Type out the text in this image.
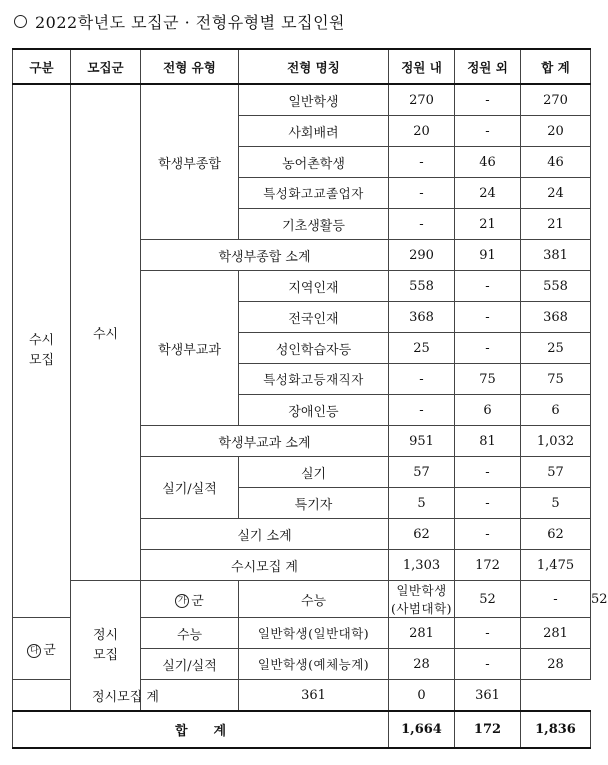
2022학년도 모집군 · 전형유형별 모집인원
구분	모집군	전형 유형	전형 명칭	정원 내	정원 외	합 계	
수시
모집	수시	학생부종합	일반학생	270	-	270	
			사회배려	20	-	20	
			농어촌학생	-	46	46	
			특성화고교졸업자	-	24	24	
			기초생활등	-	21	21	
		학생부종합 소계		290	91	381	
		학생부교과	지역인재	558	-	558	
			전국인재	368	-	368	
			성인학습자등	25	-	25	
			특성화고등재직자	-	75	75	
			장애인등	-	6	6	
		학생부교과 소계		951	81	1,032	
		실기/실적	실기	57	-	57	
			특기자	5	-	5	
		실기 소계		62	-	62	
		수시모집 계		1,303	172	1,475	
	정시
모집	가 군	수능	일반학생(사범대학)	52	-	52
다 군		수능	일반학생(일반대학)	281	-	281	
		실기/실적	일반학생(예체능계)	28	-	28	
정시모집 계			361	0	361		
합　　계				1,664	172	1,836	
